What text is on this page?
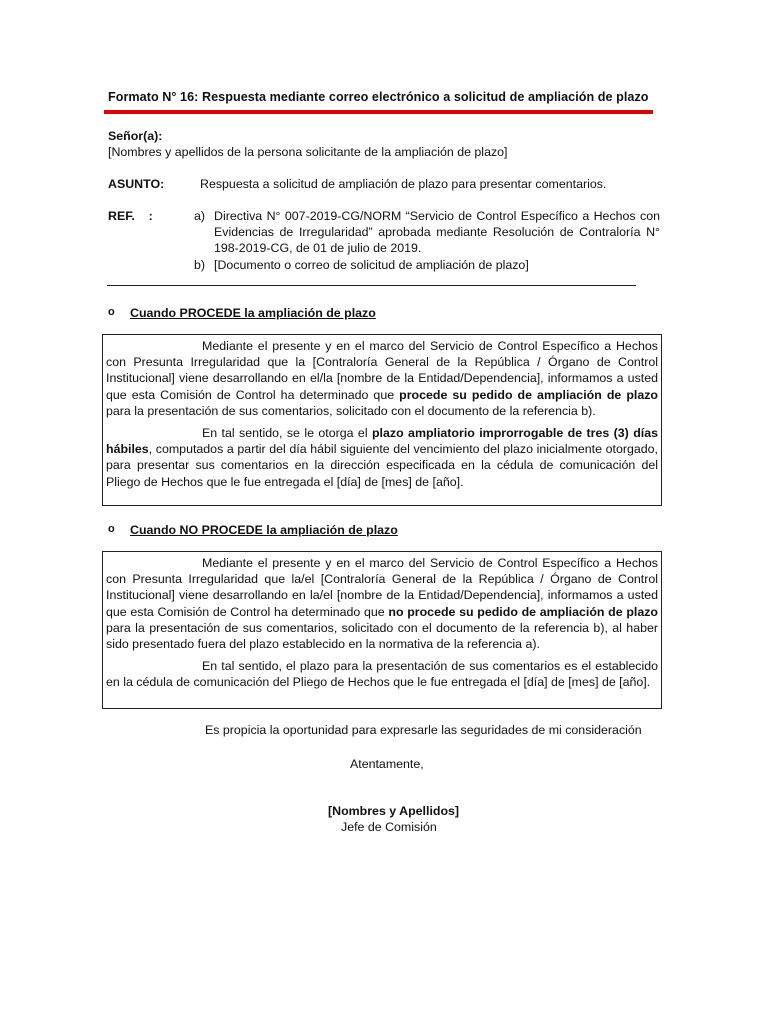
Formato N° 16: Respuesta mediante correo electrónico a solicitud de ampliación de plazo
Señor(a):
[Nombres y apellidos de la persona solicitante de la ampliación de plazo]
ASUNTO:	Respuesta a solicitud de ampliación de plazo para presentar comentarios.
REF.    :	a) Directiva N° 007-2019-CG/NORM “Servicio de Control Específico a Hechos con Evidencias de Irregularidad” aprobada mediante Resolución de Contraloría N° 198-2019-CG, de 01 de julio de 2019.
b) [Documento o correo de solicitud de ampliación de plazo]
o Cuando PROCEDE la ampliación de plazo

Mediante el presente y en el marco del Servicio de Control Específico a Hechos con Presunta Irregularidad que la [Contraloría General de la República / Órgano de Control Institucional] viene desarrollando en el/la [nombre de la Entidad/Dependencia], informamos a usted que esta Comisión de Control ha determinado que procede su pedido de ampliación de plazo para la presentación de sus comentarios, solicitado con el documento de la referencia b).

En tal sentido, se le otorga el plazo ampliatorio improrrogable de tres (3) días hábiles, computados a partir del día hábil siguiente del vencimiento del plazo inicialmente otorgado, para presentar sus comentarios en la dirección especificada en la cédula de comunicación del Pliego de Hechos que le fue entregada el [día] de [mes] de [año].

o Cuando NO PROCEDE la ampliación de plazo

Mediante el presente y en el marco del Servicio de Control Específico a Hechos con Presunta Irregularidad que la/el [Contraloría General de la República / Órgano de Control Institucional] viene desarrollando en la/el [nombre de la Entidad/Dependencia], informamos a usted que esta Comisión de Control ha determinado que no procede su pedido de ampliación de plazo para la presentación de sus comentarios, solicitado con el documento de la referencia b), al haber sido presentado fuera del plazo establecido en la normativa de la referencia a).

En tal sentido, el plazo para la presentación de sus comentarios es el establecido en la cédula de comunicación del Pliego de Hechos que le fue entregada el [día] de [mes] de [año].

Es propicia la oportunidad para expresarle las seguridades de mi consideración
Atentamente,
[Nombres y Apellidos]
Jefe de Comisión
